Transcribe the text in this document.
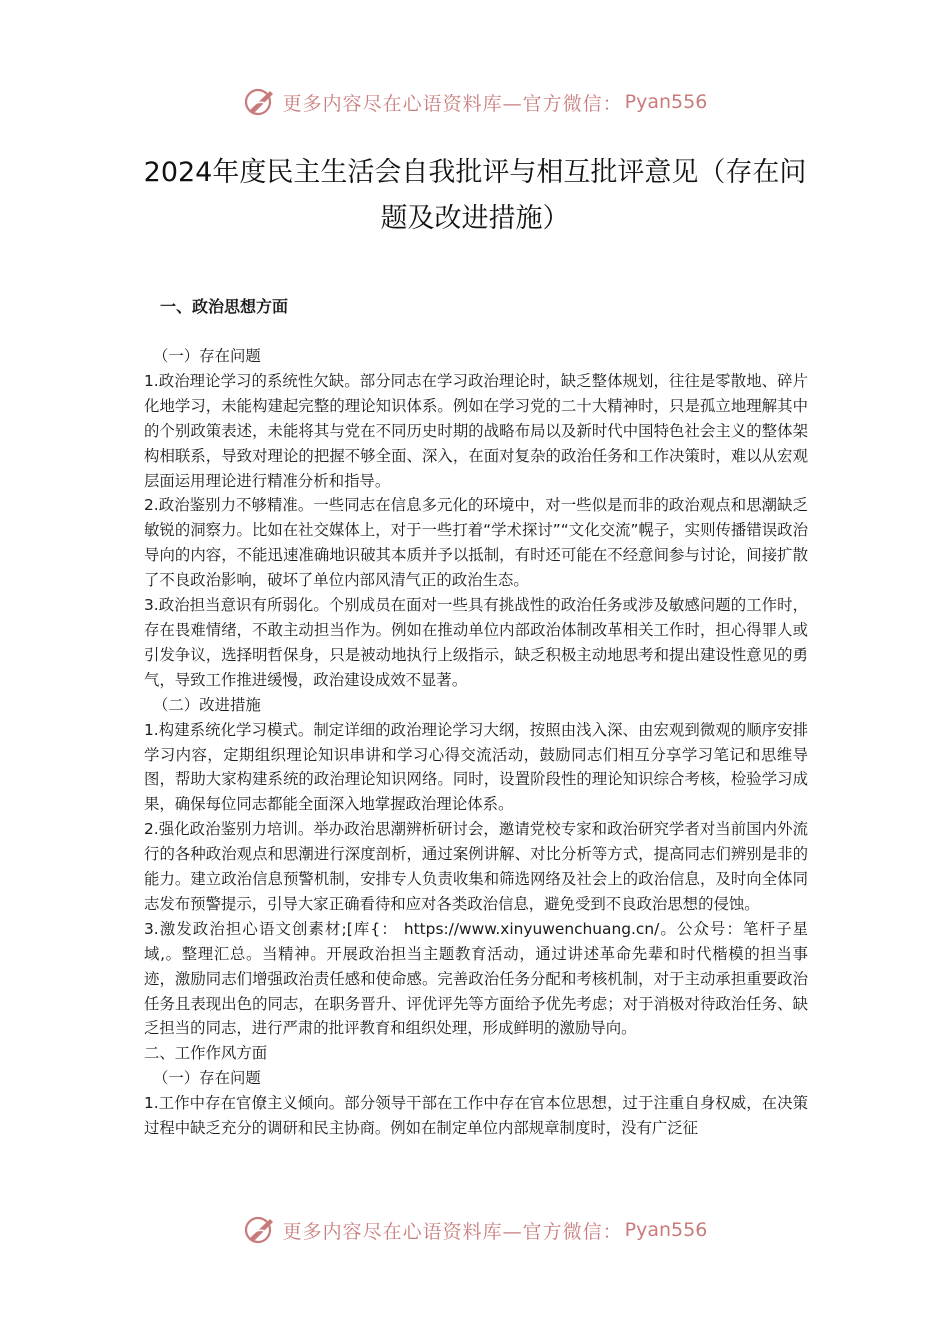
更多内容尽在心语资料库—官方微信： Pyan556
2024年度民主生活会自我批评与相互批评意见（存在问题及改进措施）

一、政治思想方面

（一）存在问题

1.政治理论学习的系统性欠缺。部分同志在学习政治理论时，缺乏整体规划，往往是零散地、碎片化地学习，未能构建起完整的理论知识体系。例如在学习党的二十大精神时，只是孤立地理解其中的个别政策表述，未能将其与党在不同历史时期的战略布局以及新时代中国特色社会主义的整体架构相联系，导致对理论的把握不够全面、深入，在面对复杂的政治任务和工作决策时，难以从宏观层面运用理论进行精准分析和指导。

2.政治鉴别力不够精准。一些同志在信息多元化的环境中，对一些似是而非的政治观点和思潮缺乏敏锐的洞察力。比如在社交媒体上，对于一些打着“学术探讨”“文化交流”幌子，实则传播错误政治导向的内容，不能迅速准确地识破其本质并予以抵制，有时还可能在不经意间参与讨论，间接扩散了不良政治影响，破坏了单位内部风清气正的政治生态。

3.政治担当意识有所弱化。个别成员在面对一些具有挑战性的政治任务或涉及敏感问题的工作时，存在畏难情绪，不敢主动担当作为。例如在推动单位内部政治体制改革相关工作时，担心得罪人或引发争议，选择明哲保身，只是被动地执行上级指示，缺乏积极主动地思考和提出建设性意见的勇气，导致工作推进缓慢，政治建设成效不显著。

（二）改进措施

1.构建系统化学习模式。制定详细的政治理论学习大纲，按照由浅入深、由宏观到微观的顺序安排学习内容，定期组织理论知识串讲和学习心得交流活动，鼓励同志们相互分享学习笔记和思维导图，帮助大家构建系统的政治理论知识网络。同时，设置阶段性的理论知识综合考核，检验学习成果，确保每位同志都能全面深入地掌握政治理论体系。

2.强化政治鉴别力培训。举办政治思潮辨析研讨会，邀请党校专家和政治研究学者对当前国内外流行的各种政治观点和思潮进行深度剖析，通过案例讲解、对比分析等方式，提高同志们辨别是非的能力。建立政治信息预警机制，安排专人负责收集和筛选网络及社会上的政治信息，及时向全体同志发布预警提示，引导大家正确看待和应对各类政治信息，避免受到不良政治思想的侵蚀。

3.激发政治担心语文创素材;[库{： https://www.xinyuwenchuang.cn/。公众号：笔杆子星域,。整理汇总。当精神。开展政治担当主题教育活动，通过讲述革命先辈和时代楷模的担当事迹，激励同志们增强政治责任感和使命感。完善政治任务分配和考核机制，对于主动承担重要政治任务且表现出色的同志，在职务晋升、评优评先等方面给予优先考虑；对于消极对待政治任务、缺乏担当的同志，进行严肃的批评教育和组织处理，形成鲜明的激励导向。

二、工作作风方面

（一）存在问题

1.工作中存在官僚主义倾向。部分领导干部在工作中存在官本位思想，过于注重自身权威，在决策过程中缺乏充分的调研和民主协商。例如在制定单位内部规章制度时，没有广泛征

更多内容尽在心语资料库—官方微信： Pyan556
